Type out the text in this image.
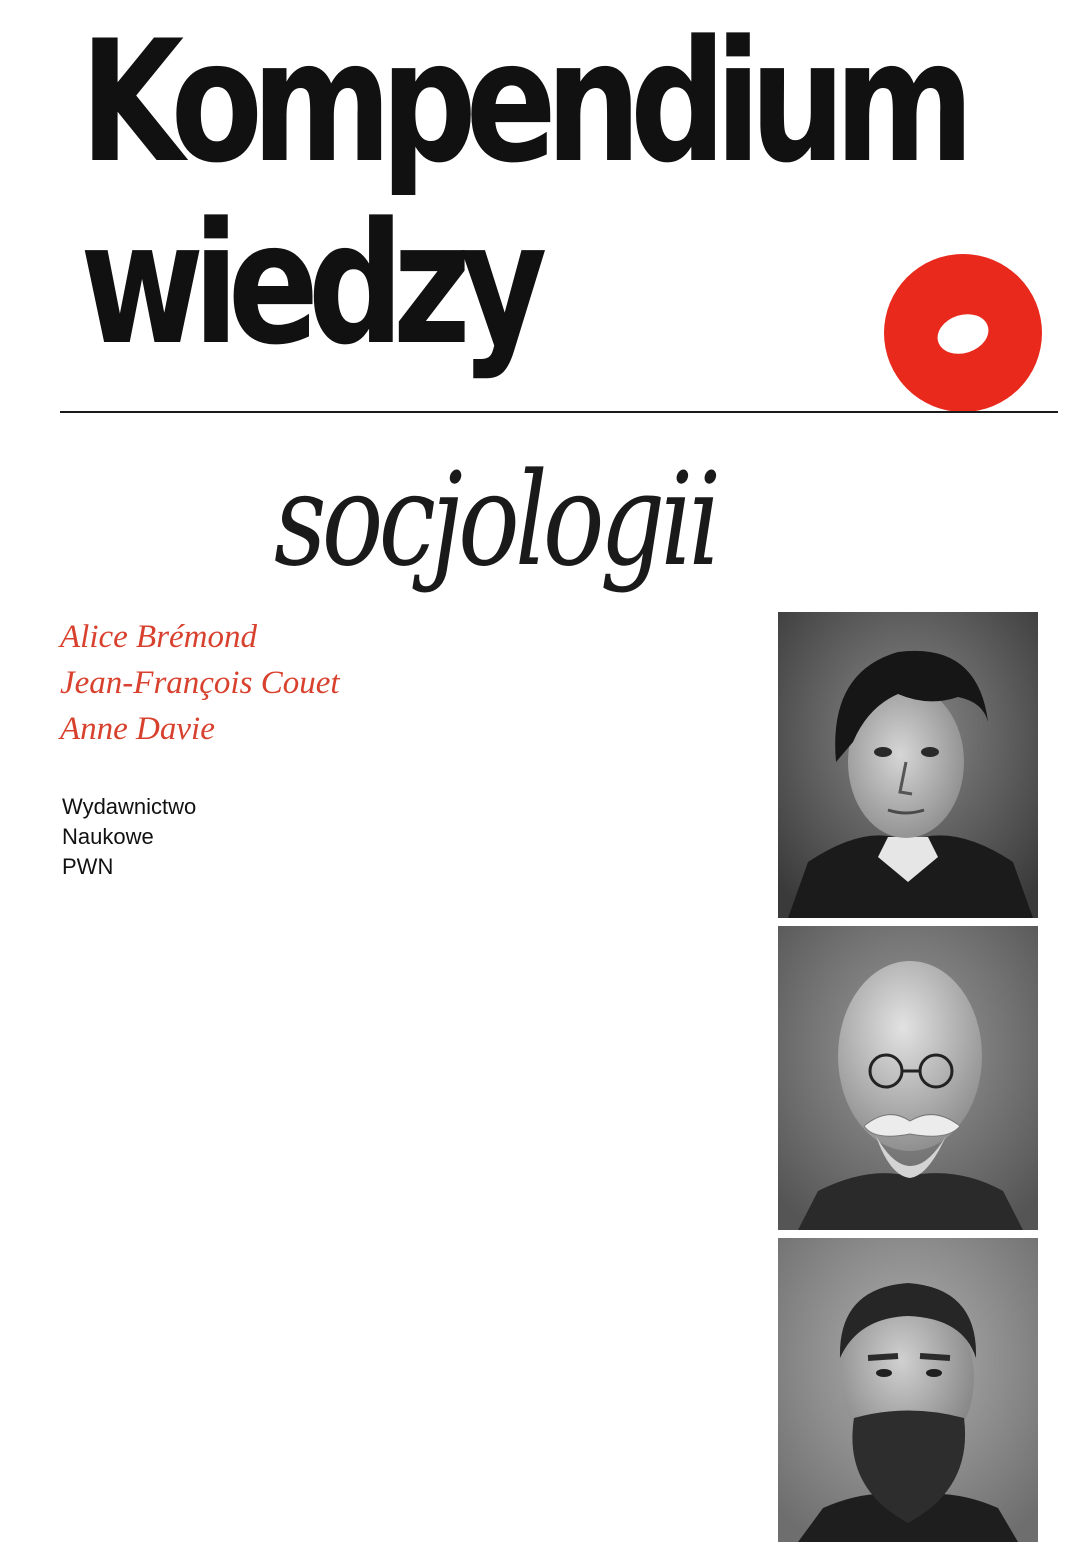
Kompendium
wiedzy
socjologii
Alice Brémond
Jean-François Couet
Anne Davie
Wydawnictwo
Naukowe
PWN
